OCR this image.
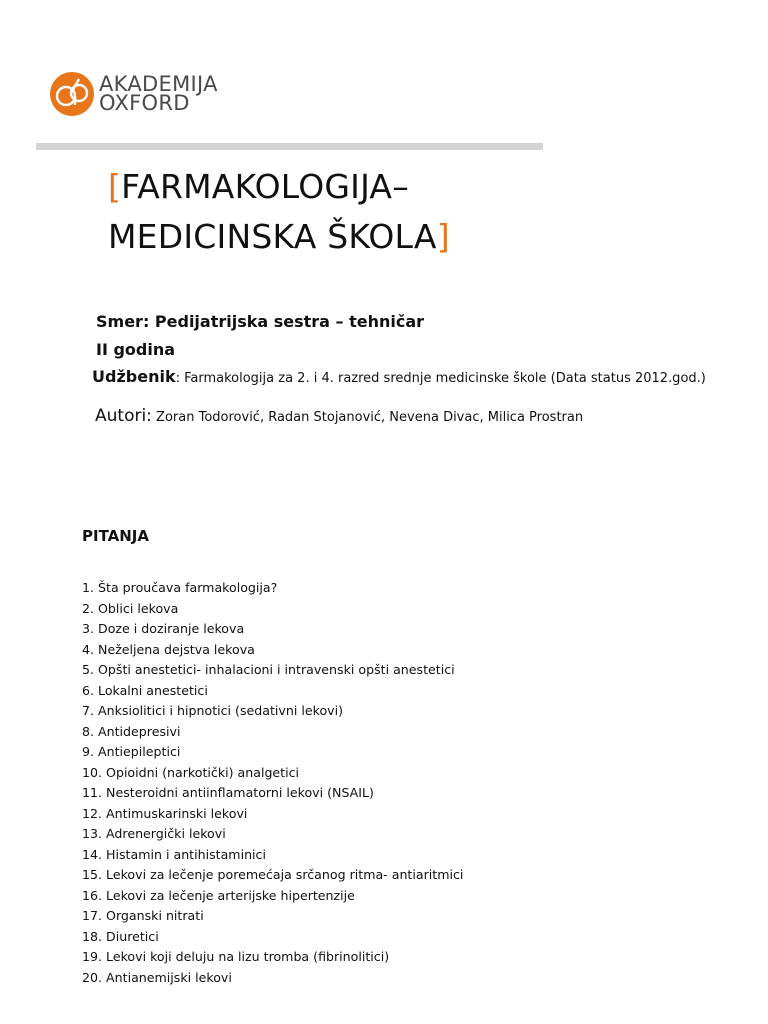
AKADEMIJA
OXFORD
[FARMAKOLOGIJA–
MEDICINSKA ŠKOLA]
Smer: Pedijatrijska sestra – tehničar
II godina
Udžbenik: Farmakologija za 2. i 4. razred srednje medicinske škole (Data status 2012.god.)
Autori: Zoran Todorović, Radan Stojanović, Nevena Divac, Milica Prostran
PITANJA
1. Šta proučava farmakologija?
2. Oblici lekova
3. Doze i doziranje lekova
4. Neželjena dejstva lekova
5. Opšti anestetici- inhalacioni i intravenski opšti anestetici
6. Lokalni anestetici
7. Anksiolitici i hipnotici (sedativni lekovi)
8. Antidepresivi
9. Antiepileptici
10. Opioidni (narkotički) analgetici
11. Nesteroidni antiinflamatorni lekovi (NSAIL)
12. Antimuskarinski lekovi
13. Adrenergički lekovi
14. Histamin i antihistaminici
15. Lekovi za lečenje poremećaja srčanog ritma- antiaritmici
16. Lekovi za lečenje arterijske hipertenzije
17. Organski nitrati
18. Diuretici
19. Lekovi koji deluju na lizu tromba (fibrinolitici)
20. Antianemijski lekovi
